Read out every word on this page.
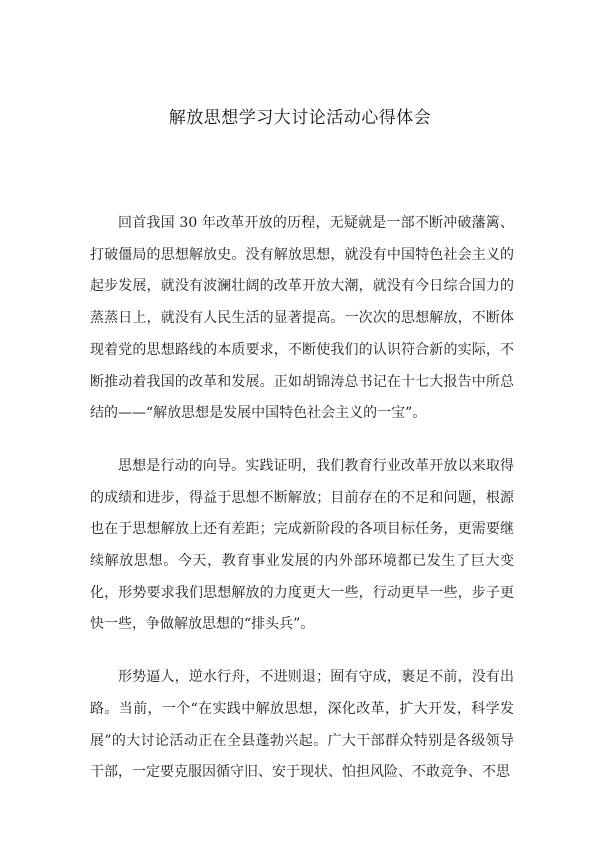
解放思想学习大讨论活动心得体会

回首我国 30 年改革开放的历程，无疑就是一部不断冲破藩篱、打破僵局的思想解放史。没有解放思想，就没有中国特色社会主义的起步发展，就没有波澜壮阔的改革开放大潮，就没有今日综合国力的蒸蒸日上，就没有人民生活的显著提高。一次次的思想解放，不断体现着党的思想路线的本质要求，不断使我们的认识符合新的实际，不断推动着我国的改革和发展。正如胡锦涛总书记在十七大报告中所总结的——“解放思想是发展中国特色社会主义的一宝”。

思想是行动的向导。实践证明，我们教育行业改革开放以来取得的成绩和进步，得益于思想不断解放；目前存在的不足和问题，根源也在于思想解放上还有差距；完成新阶段的各项目标任务，更需要继续解放思想。今天，教育事业发展的内外部环境都已发生了巨大变化，形势要求我们思想解放的力度更大一些，行动更早一些，步子更快一些，争做解放思想的“排头兵”。

形势逼人，逆水行舟，不进则退；囿有守成，裹足不前，没有出路。当前，一个“在实践中解放思想，深化改革，扩大开发，科学发展”的大讨论活动正在全县蓬勃兴起。广大干部群众特别是各级领导干部，一定要克服因循守旧、安于现状、怕担风险、不敢竞争、不思
